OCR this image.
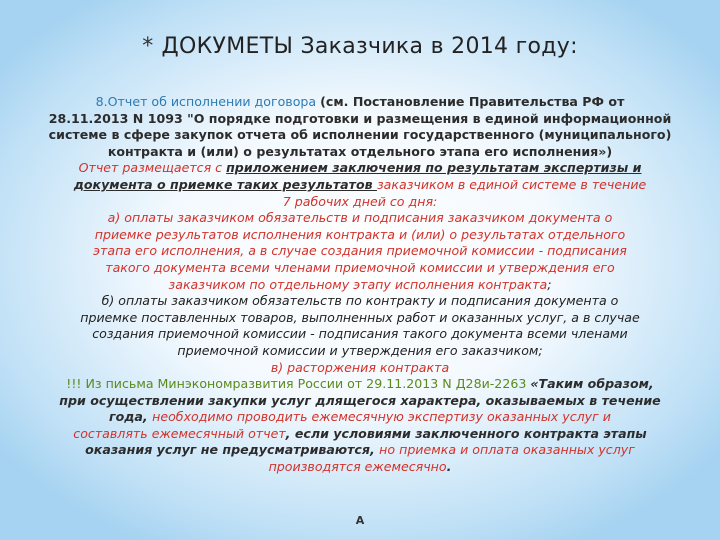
* ДОКУМЕТЫ Заказчика в 2014 году:
8.Отчет об исполнении договора (см. Постановление Правительства РФ от
28.11.2013 N 1093 "О порядке подготовки и размещения в единой информационной
системе в сфере закупок отчета об исполнении государственного (муниципального)
контракта и (или) о результатах отдельного этапа его исполнения»)
Отчет размещается с приложением заключения по результатам экспертизы и
документа о приемке таких результатов заказчиком в единой системе в течение
7 рабочих дней со дня:
а) оплаты заказчиком обязательств и подписания заказчиком документа о
приемке результатов исполнения контракта и (или) о результатах отдельного
этапа его исполнения, а в случае создания приемочной комиссии - подписания
такого документа всеми членами приемочной комиссии и утверждения его
заказчиком по отдельному этапу исполнения контракта;
б) оплаты заказчиком обязательств по контракту и подписания документа о
приемке поставленных товаров, выполненных работ и оказанных услуг, а в случае
создания приемочной комиссии - подписания такого документа всеми членами
приемочной комиссии и утверждения его заказчиком;
в) расторжения контракта
!!! Из письма Минэкономразвития России от 29.11.2013 N Д28и-2263 «Таким образом,
при осуществлении закупки услуг длящегося характера, оказываемых в течение
года, необходимо проводить ежемесячную экспертизу оказанных услуг и
составлять ежемесячный отчет, если условиями заключенного контракта этапы
оказания услуг не предусматриваются, но приемка и оплата оказанных услуг
производятся ежемесячно.
А
